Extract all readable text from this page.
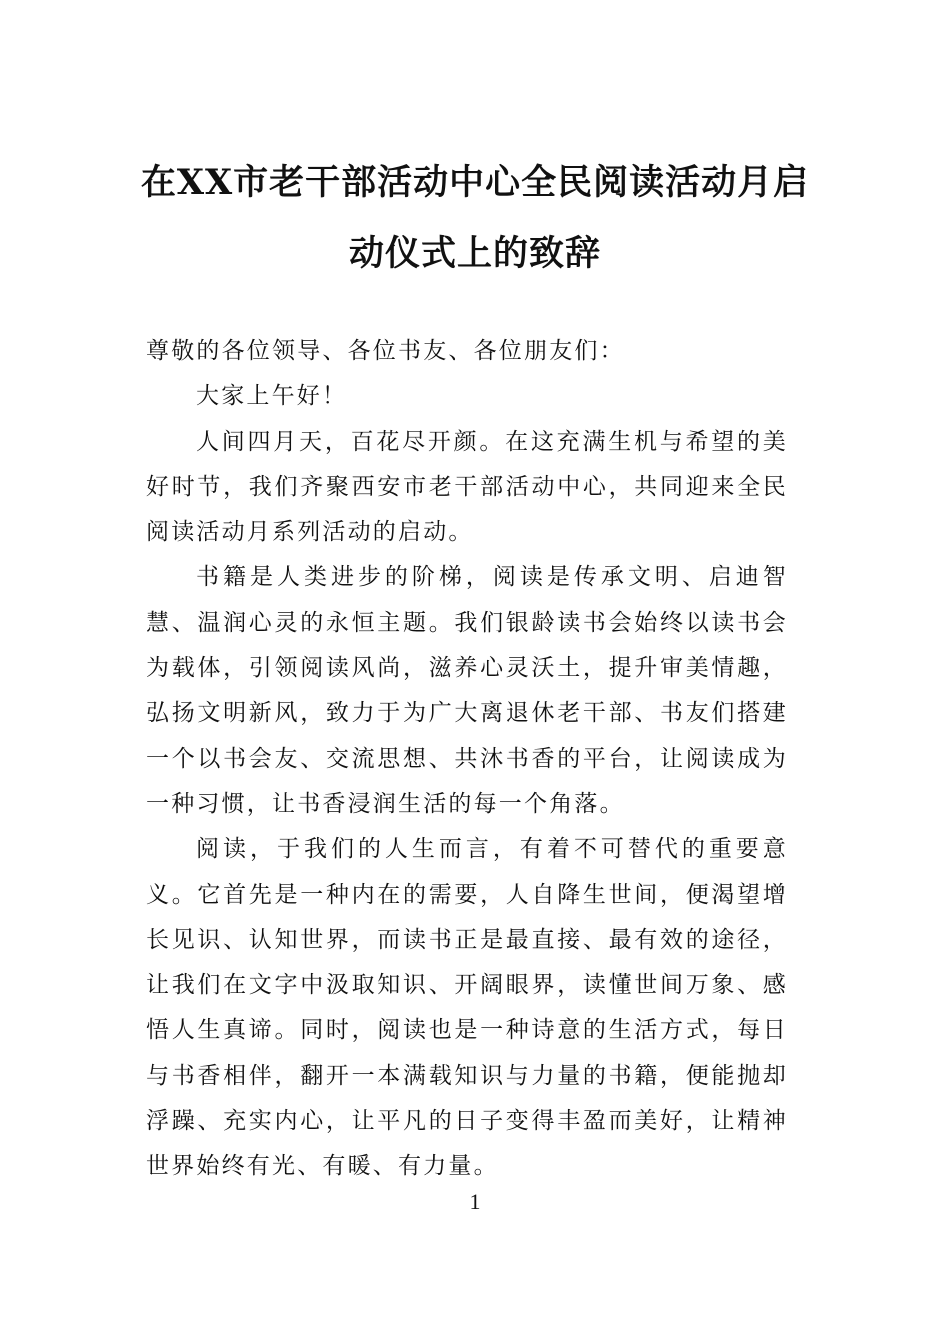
在XX市老干部活动中心全民阅读活动月启
动仪式上的致辞

尊敬的各位领导、各位书友、各位朋友们：

大家上午好！

人间四月天，百花尽开颜。在这充满生机与希望的美好时节，我们齐聚西安市老干部活动中心，共同迎来全民阅读活动月系列活动的启动。

书籍是人类进步的阶梯，阅读是传承文明、启迪智慧、温润心灵的永恒主题。我们银龄读书会始终以读书会为载体，引领阅读风尚，滋养心灵沃土，提升审美情趣，弘扬文明新风，致力于为广大离退休老干部、书友们搭建一个以书会友、交流思想、共沐书香的平台，让阅读成为一种习惯，让书香浸润生活的每一个角落。

阅读，于我们的人生而言，有着不可替代的重要意义。它首先是一种内在的需要，人自降生世间，便渴望增长见识、认知世界，而读书正是最直接、最有效的途径，让我们在文字中汲取知识、开阔眼界，读懂世间万象、感悟人生真谛。同时，阅读也是一种诗意的生活方式，每日与书香相伴，翻开一本满载知识与力量的书籍，便能抛却浮躁、充实内心，让平凡的日子变得丰盈而美好，让精神世界始终有光、有暖、有力量。

1
